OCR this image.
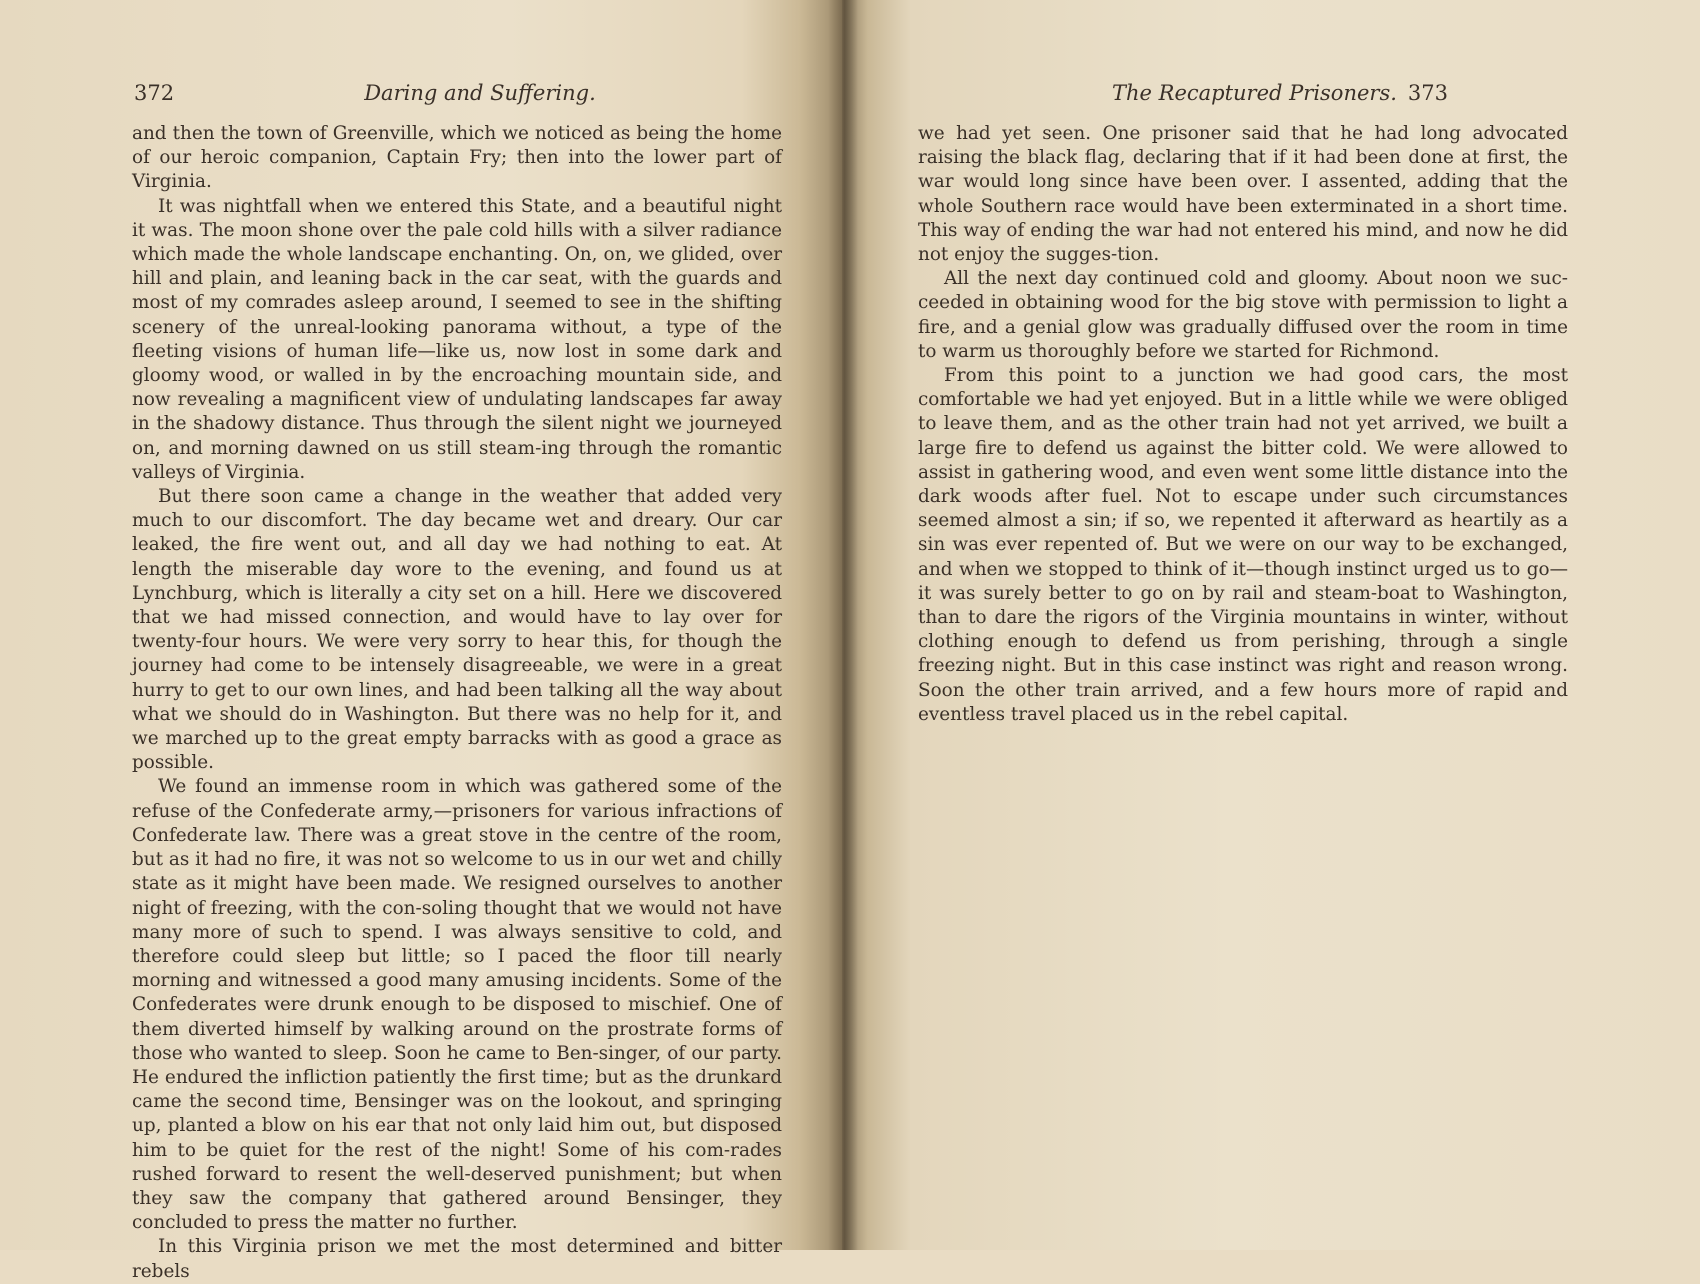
372	Daring and Suffering.

and then the town of Greenville, which we noticed as being the home of our heroic companion, Captain Fry; then into the lower part of Virginia.

It was nightfall when we entered this State, and a beautiful night it was. The moon shone over the pale cold hills with a silver radiance which made the whole landscape enchanting. On, on, we glided, over hill and plain, and leaning back in the car seat, with the guards and most of my comrades asleep around, I seemed to see in the shifting scenery of the unreal-looking panorama without, a type of the fleeting visions of human life—like us, now lost in some dark and gloomy wood, or walled in by the encroaching mountain side, and now revealing a magnificent view of undulating landscapes far away in the shadowy distance. Thus through the silent night we journeyed on, and morning dawned on us still steam-ing through the romantic valleys of Virginia.

But there soon came a change in the weather that added very much to our discomfort. The day became wet and dreary. Our car leaked, the fire went out, and all day we had nothing to eat. At length the miserable day wore to the evening, and found us at Lynchburg, which is literally a city set on a hill. Here we discovered that we had missed connection, and would have to lay over for twenty-four hours. We were very sorry to hear this, for though the journey had come to be intensely disagreeable, we were in a great hurry to get to our own lines, and had been talking all the way about what we should do in Washington. But there was no help for it, and we marched up to the great empty barracks with as good a grace as possible.

We found an immense room in which was gathered some of the refuse of the Confederate army,—prisoners for various infractions of Confederate law. There was a great stove in the centre of the room, but as it had no fire, it was not so welcome to us in our wet and chilly state as it might have been made. We resigned ourselves to another night of freezing, with the con-soling thought that we would not have many more of such to spend. I was always sensitive to cold, and therefore could sleep but little; so I paced the floor till nearly morning and witnessed a good many amusing incidents. Some of the Confederates were drunk enough to be disposed to mischief. One of them diverted himself by walking around on the prostrate forms of those who wanted to sleep. Soon he came to Ben-singer, of our party. He endured the infliction patiently the first time; but as the drunkard came the second time, Bensinger was on the lookout, and springing up, planted a blow on his ear that not only laid him out, but disposed him to be quiet for the rest of the night! Some of his com-rades rushed forward to resent the well-deserved punishment; but when they saw the company that gathered around Bensinger, they concluded to press the matter no further.

In this Virginia prison we met the most determined and bitter rebels

The Recaptured Prisoners. 373

we had yet seen. One prisoner said that he had long advocated raising the black flag, declaring that if it had been done at first, the war would long since have been over. I assented, adding that the whole Southern race would have been exterminated in a short time. This way of ending the war had not entered his mind, and now he did not enjoy the sugges-tion.

All the next day continued cold and gloomy. About noon we suc-ceeded in obtaining wood for the big stove with permission to light a fire, and a genial glow was gradually diffused over the room in time to warm us thoroughly before we started for Richmond.

From this point to a junction we had good cars, the most comfortable we had yet enjoyed. But in a little while we were obliged to leave them, and as the other train had not yet arrived, we built a large fire to defend us against the bitter cold. We were allowed to assist in gathering wood, and even went some little distance into the dark woods after fuel. Not to escape under such circumstances seemed almost a sin; if so, we repented it afterward as heartily as a sin was ever repented of. But we were on our way to be exchanged, and when we stopped to think of it—though instinct urged us to go—it was surely better to go on by rail and steam-boat to Washington, than to dare the rigors of the Virginia mountains in winter, without clothing enough to defend us from perishing, through a single freezing night. But in this case instinct was right and reason wrong. Soon the other train arrived, and a few hours more of rapid and eventless travel placed us in the rebel capital.
